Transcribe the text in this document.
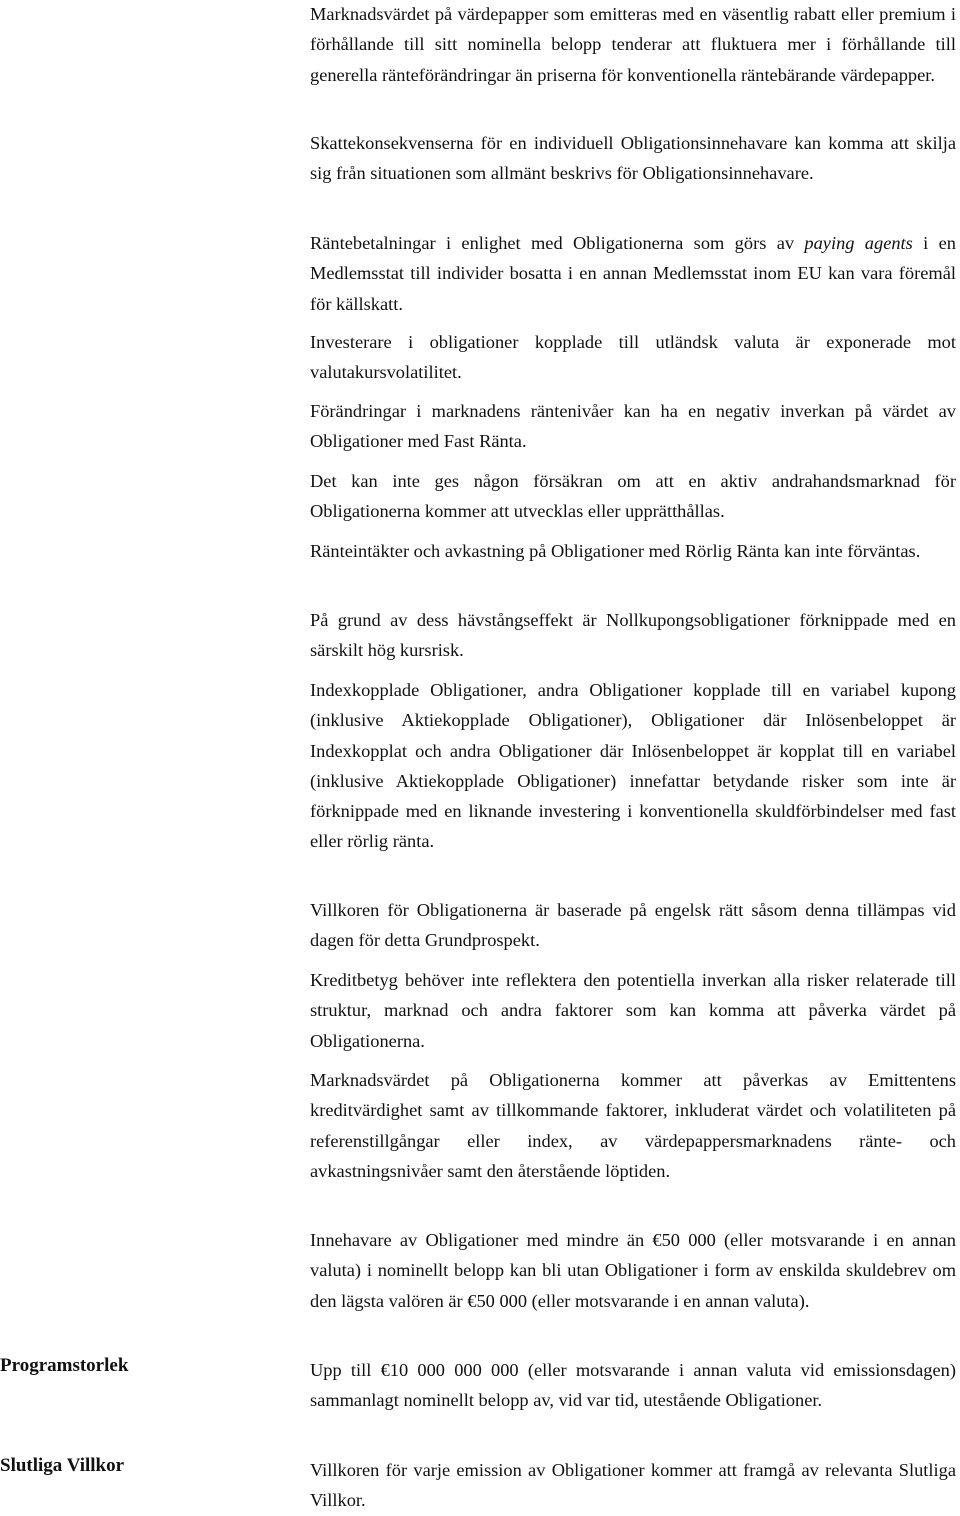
Marknadsvärdet på värdepapper som emitteras med en väsentlig rabatt eller premium i förhållande till sitt nominella belopp tenderar att fluktuera mer i förhållande till generella ränteförändringar än priserna för konventionella räntebärande värdepapper.

Skattekonsekvenserna för en individuell Obligationsinnehavare kan komma att skilja sig från situationen som allmänt beskrivs för Obligationsinnehavare.

Räntebetalningar i enlighet med Obligationerna som görs av paying agents i en Medlemsstat till individer bosatta i en annan Medlemsstat inom EU kan vara föremål för källskatt.

Investerare i obligationer kopplade till utländsk valuta är exponerade mot valutakursvolatilitet.

Förändringar i marknadens räntenivåer kan ha en negativ inverkan på värdet av Obligationer med Fast Ränta.

Det kan inte ges någon försäkran om att en aktiv andrahandsmarknad för Obligationerna kommer att utvecklas eller upprätthållas.

Ränteintäkter och avkastning på Obligationer med Rörlig Ränta kan inte förväntas.

På grund av dess hävstångseffekt är Nollkupongsobligationer förknippade med en särskilt hög kursrisk.

Indexkopplade Obligationer, andra Obligationer kopplade till en variabel kupong (inklusive Aktiekopplade Obligationer), Obligationer där Inlösenbeloppet är Indexkopplat och andra Obligationer där Inlösenbeloppet är kopplat till en variabel (inklusive Aktiekopplade Obligationer) innefattar betydande risker som inte är förknippade med en liknande investering i konventionella skuldförbindelser med fast eller rörlig ränta.

Villkoren för Obligationerna är baserade på engelsk rätt såsom denna tillämpas vid dagen för detta Grundprospekt.

Kreditbetyg behöver inte reflektera den potentiella inverkan alla risker relaterade till struktur, marknad och andra faktorer som kan komma att påverka värdet på Obligationerna.

Marknadsvärdet på Obligationerna kommer att påverkas av Emittentens kreditvärdighet samt av tillkommande faktorer, inkluderat värdet och volatiliteten på referenstillgångar eller index, av värdepappersmarknadens ränte- och avkastningsnivåer samt den återstående löptiden.

Innehavare av Obligationer med mindre än €50 000 (eller motsvarande i en annan valuta) i nominellt belopp kan bli utan Obligationer i form av enskilda skuldebrev om den lägsta valören är €50 000 (eller motsvarande i en annan valuta).

Programstorlek	Upp till €10 000 000 000 (eller motsvarande i annan valuta vid emissionsdagen) sammanlagt nominellt belopp av, vid var tid, utestående Obligationer.

Slutliga Villkor	Villkoren för varje emission av Obligationer kommer att framgå av relevanta Slutliga Villkor.
